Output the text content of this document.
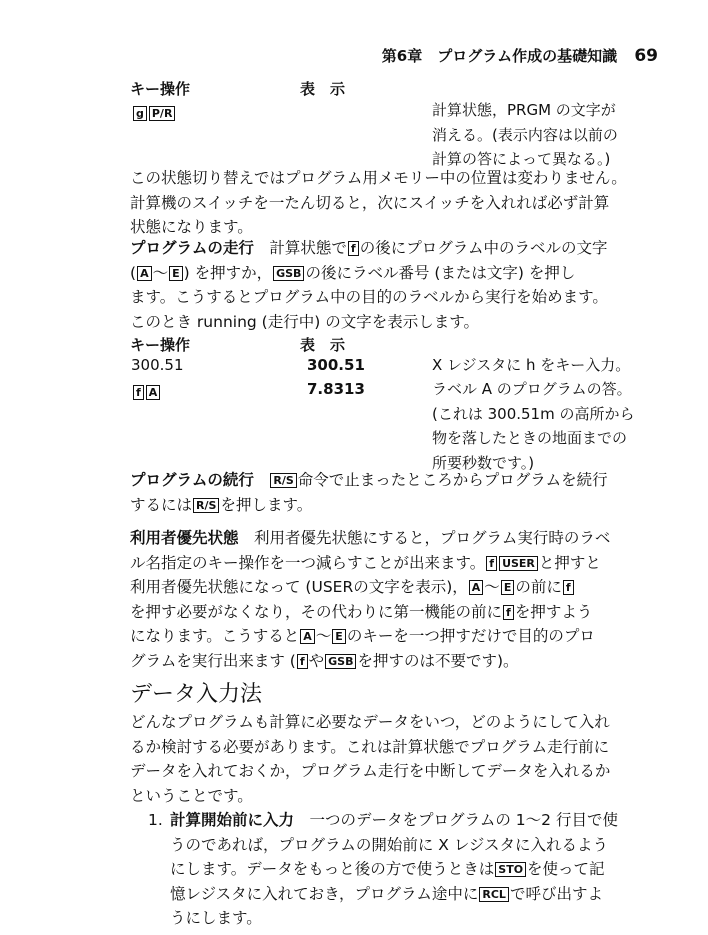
第6章　プログラム作成の基礎知識 69
キー操作	表　示
g P/R	計算状態，PRGM の文字が
消える。(表示内容は以前の
計算の答によって異なる。)
この状態切り替えではプログラム用メモリー中の位置は変わりません。
計算機のスイッチを一たん切ると，次にスイッチを入れれば必ず計算
状態になります。
プログラムの走行　 計算状態で f の後にプログラム中のラベルの文字
( A ～ E ) を押すか， GSB の後にラベル番号 (または文字) を押し
ます。こうするとプログラム中の目的のラベルから実行を始めます。
このとき running (走行中) の文字を表示します。
キー操作	表　示
300.51	300.51	X レジスタに h をキー入力。
f A	7.8313	ラベル A のプログラムの答。
(これは 300.51m の高所から
物を落したときの地面までの
所要秒数です。)
プログラムの続行　 R/S 命令で止まったところからプログラムを続行
するには R/S を押します。
利用者優先状態　 利用者優先状態にすると，プログラム実行時のラベ
ル名指定のキー操作を一つ減らすことが出来ます。 f USER と押すと
利用者優先状態になって (USERの文字を表示)， A ～ E の前に f
を押す必要がなくなり，その代わりに第一機能の前に f を押すよう
になります。こうすると A ～ E のキーを一つ押すだけで目的のプロ
グラムを実行出来ます ( f や GSB を押すのは不要です)。
データ入力法
どんなプログラムも計算に必要なデータをいつ，どのようにして入れ
るか検討する必要があります。これは計算状態でプログラム走行前に
データを入れておくか，プログラム走行を中断してデータを入れるか
ということです。
1. 計算開始前に入力　 一つのデータをプログラムの 1～2 行目で使
うのであれば，プログラムの開始前に X レジスタに入れるよう
にします。データをもっと後の方で使うときは STO を使って記
憶レジスタに入れておき，プログラム途中に RCL で呼び出すよ
うにします。
